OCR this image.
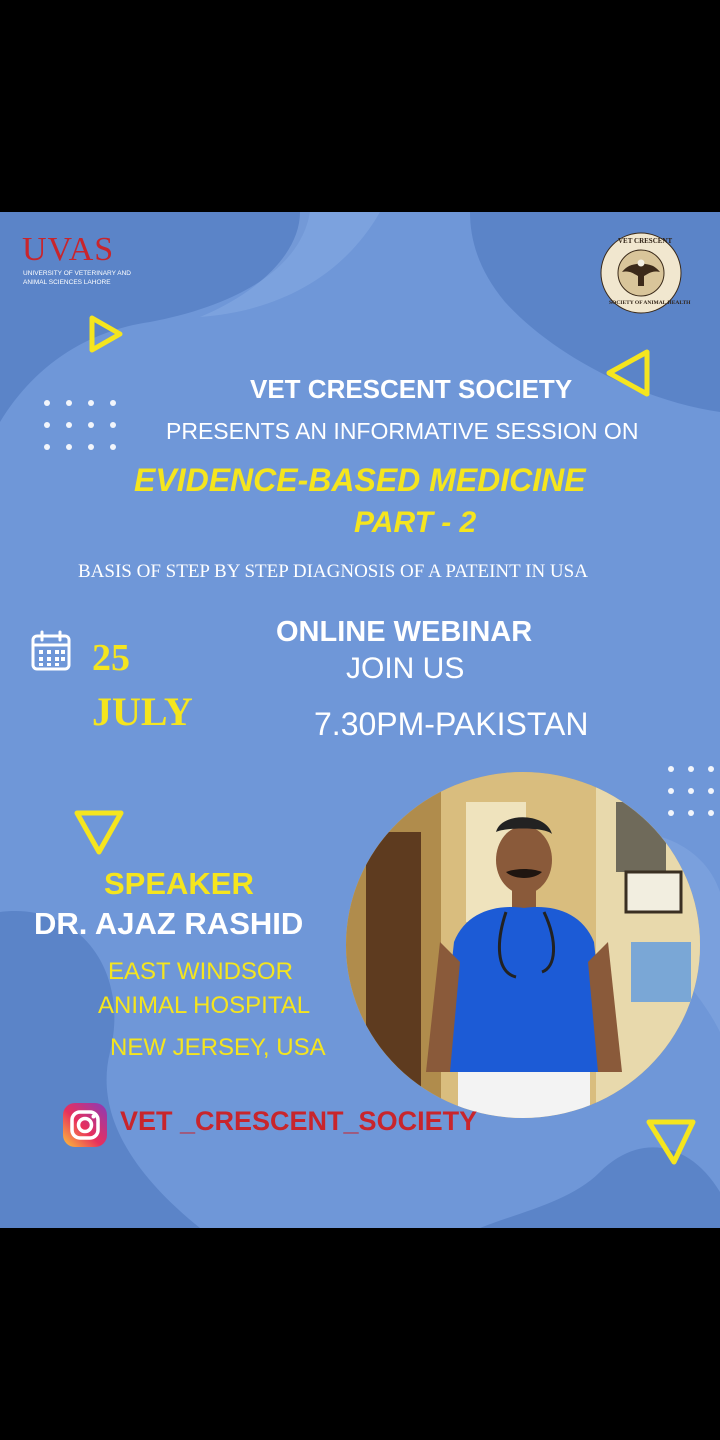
UVAS
UNIVERSITY OF VETERINARY AND
ANIMAL SCIENCES LAHORE
VET CRESCENT
SOCIETY OF ANIMAL HEALTH
VET CRESCENT SOCIETY
PRESENTS AN INFORMATIVE SESSION ON
EVIDENCE-BASED MEDICINE
PART - 2
BASIS OF STEP BY STEP DIAGNOSIS OF A PATEINT IN USA
25
JULY
ONLINE WEBINAR
JOIN US
7.30PM-PAKISTAN
SPEAKER
DR. AJAZ RASHID
EAST WINDSOR
ANIMAL HOSPITAL
NEW JERSEY, USA
VET _CRESCENT_SOCIETY
